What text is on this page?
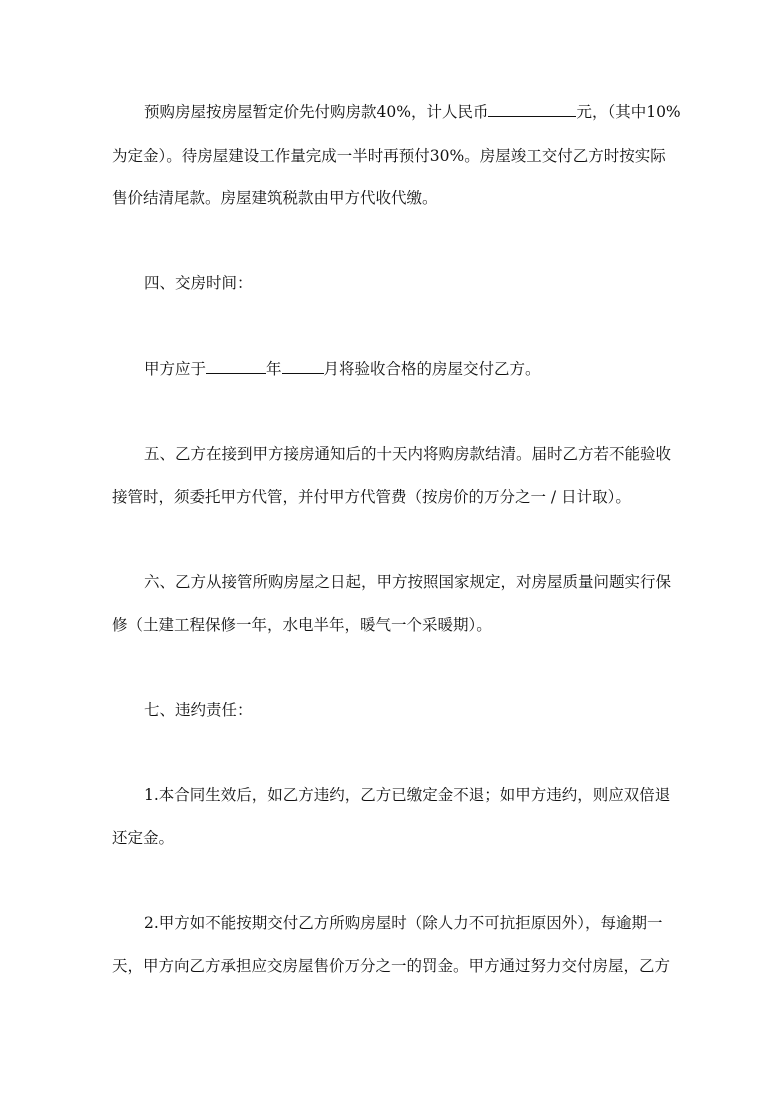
预购房屋按房屋暂定价先付购房款40%，计人民币	元，（其中10%
为定金）。待房屋建设工作量完成一半时再预付30%。房屋竣工交付乙方时按实际
售价结清尾款。房屋建筑税款由甲方代收代缴。
四、交房时间：
甲方应于	年	月将验收合格的房屋交付乙方。
五、乙方在接到甲方接房通知后的十天内将购房款结清。届时乙方若不能验收
接管时，须委托甲方代管，并付甲方代管费（按房价的万分之一 / 日计取）。
六、乙方从接管所购房屋之日起，甲方按照国家规定，对房屋质量问题实行保
修（土建工程保修一年，水电半年，暖气一个采暖期）。
七、违约责任：
1.本合同生效后，如乙方违约，乙方已缴定金不退；如甲方违约，则应双倍退
还定金。
2.甲方如不能按期交付乙方所购房屋时（除人力不可抗拒原因外），每逾期一
天，甲方向乙方承担应交房屋售价万分之一的罚金。甲方通过努力交付房屋，乙方
